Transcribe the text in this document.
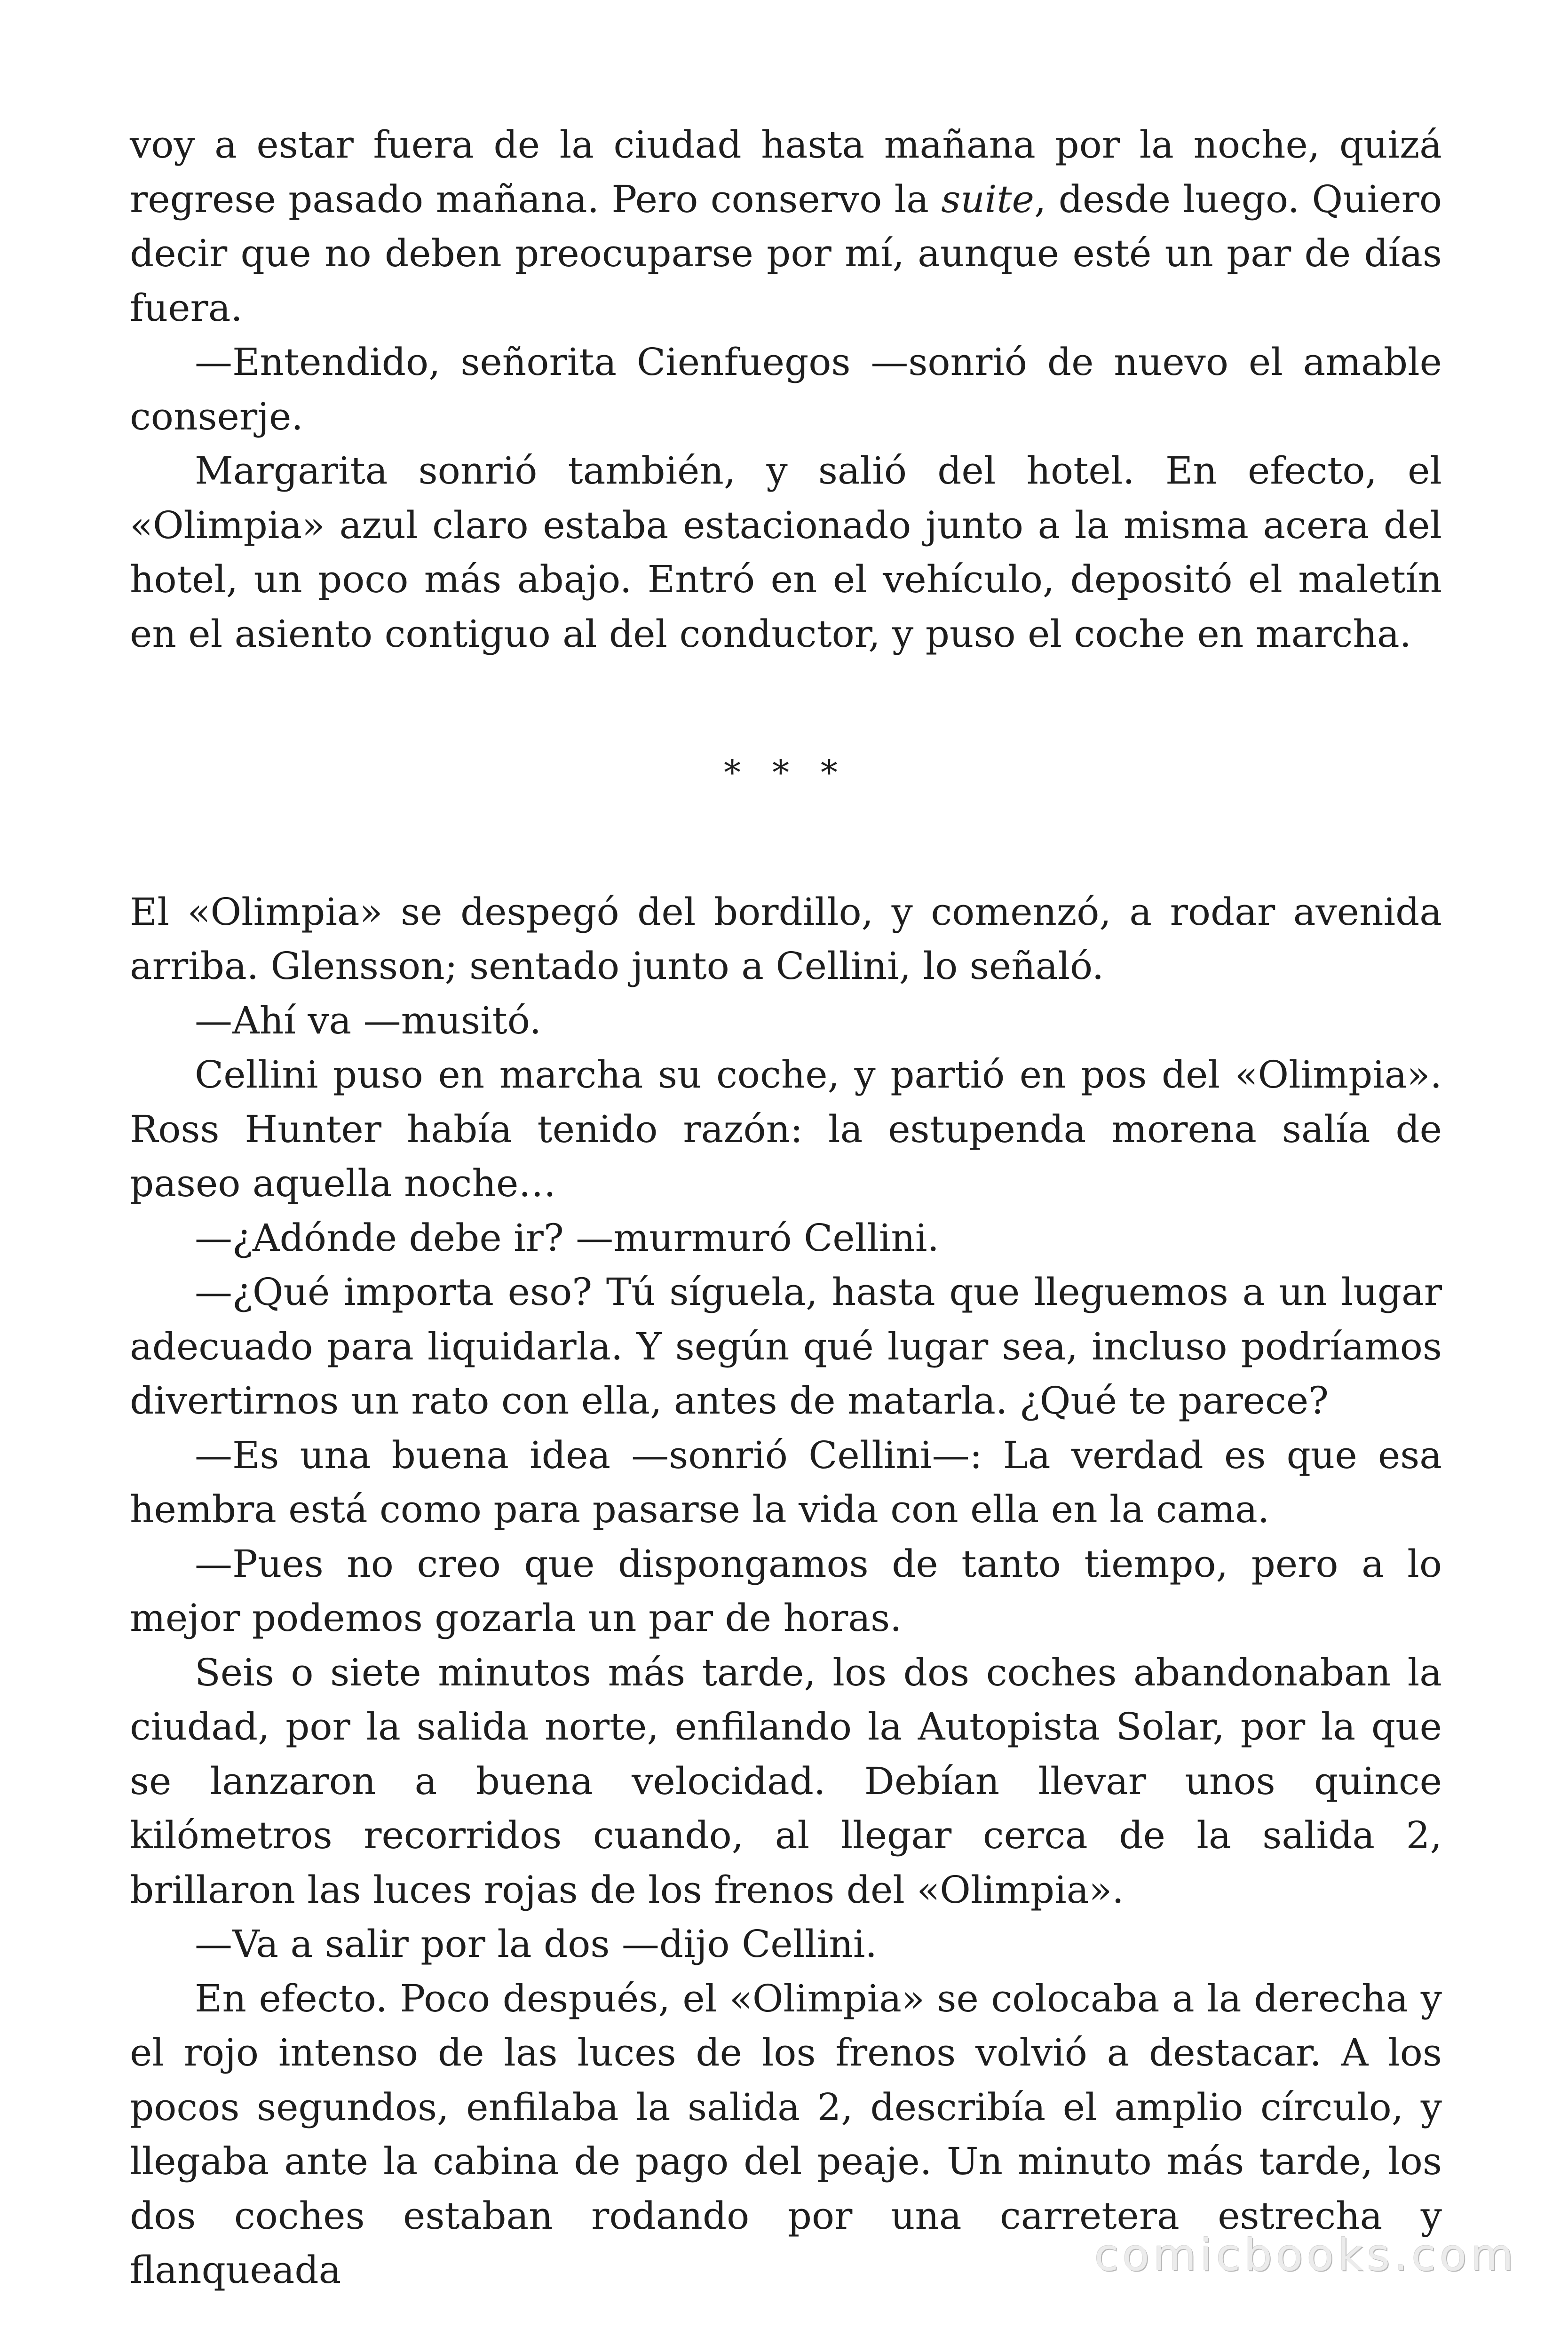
voy a estar fuera de la ciudad hasta mañana por la noche, quizá regrese pasado mañana. Pero conservo la suite, desde luego. Quiero decir que no deben preocuparse por mí, aunque esté un par de días fuera.

—Entendido, señorita Cienfuegos —sonrió de nuevo el amable conserje.

Margarita sonrió también, y salió del hotel. En efecto, el «Olimpia» azul claro estaba estacionado junto a la misma acera del hotel, un poco más abajo. Entró en el vehículo, depositó el maletín en el asiento contiguo al del conductor, y puso el coche en marcha.

* * *

El «Olimpia» se despegó del bordillo, y comenzó, a rodar avenida arriba. Glensson; sentado junto a Cellini, lo señaló.

—Ahí va —musitó.

Cellini puso en marcha su coche, y partió en pos del «Olimpia». Ross Hunter había tenido razón: la estupenda morena salía de paseo aquella noche…

—¿Adónde debe ir? —murmuró Cellini.

—¿Qué importa eso? Tú síguela, hasta que lleguemos a un lugar adecuado para liquidarla. Y según qué lugar sea, incluso podríamos divertirnos un rato con ella, antes de matarla. ¿Qué te parece?

—Es una buena idea —sonrió Cellini—: La verdad es que esa hembra está como para pasarse la vida con ella en la cama.

—Pues no creo que dispongamos de tanto tiempo, pero a lo mejor podemos gozarla un par de horas.

Seis o siete minutos más tarde, los dos coches abandonaban la ciudad, por la salida norte, enfilando la Autopista Solar, por la que se lanzaron a buena velocidad. Debían llevar unos quince kilómetros recorridos cuando, al llegar cerca de la salida 2, brillaron las luces rojas de los frenos del «Olimpia».

—Va a salir por la dos —dijo Cellini.

En efecto. Poco después, el «Olimpia» se colocaba a la derecha y el rojo intenso de las luces de los frenos volvió a destacar. A los pocos segundos, enfilaba la salida 2, describía el amplio círculo, y llegaba ante la cabina de pago del peaje. Un minuto más tarde, los dos coches estaban rodando por una carretera estrecha y flanqueada	comicbooks.com
